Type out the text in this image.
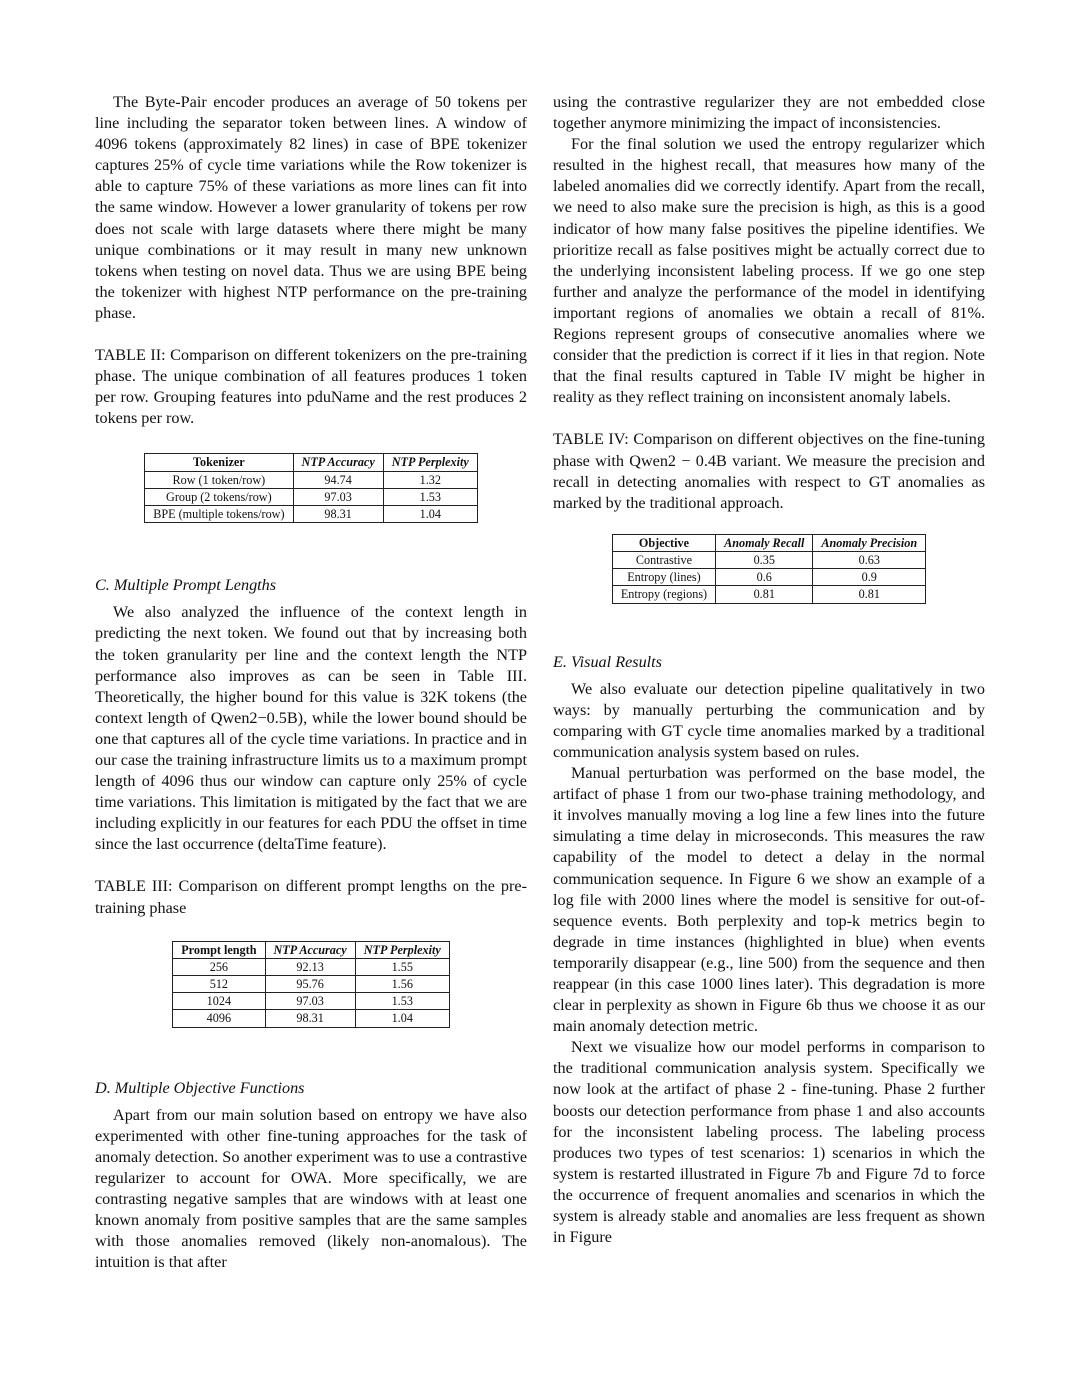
The Byte-Pair encoder produces an average of 50 tokens per line including the separator token between lines. A window of 4096 tokens (approximately 82 lines) in case of BPE tokenizer captures 25% of cycle time variations while the Row tokenizer is able to capture 75% of these variations as more lines can fit into the same window. However a lower granularity of tokens per row does not scale with large datasets where there might be many unique combinations or it may result in many new unknown tokens when testing on novel data. Thus we are using BPE being the tokenizer with highest NTP performance on the pre-training phase.

TABLE II: Comparison on different tokenizers on the pre-training phase. The unique combination of all features produces 1 token per row. Grouping features into pduName and the rest produces 2 tokens per row.

Tokenizer	NTP Accuracy	NTP Perplexity
Row (1 token/row)	94.74	1.32
Group (2 tokens/row)	97.03	1.53
BPE (multiple tokens/row)	98.31	1.04

C. Multiple Prompt Lengths

We also analyzed the influence of the context length in predicting the next token. We found out that by increasing both the token granularity per line and the context length the NTP performance also improves as can be seen in Table III. Theoretically, the higher bound for this value is 32K tokens (the context length of Qwen2−0.5B), while the lower bound should be one that captures all of the cycle time variations. In practice and in our case the training infrastructure limits us to a maximum prompt length of 4096 thus our window can capture only 25% of cycle time variations. This limitation is mitigated by the fact that we are including explicitly in our features for each PDU the offset in time since the last occurrence (deltaTime feature).

TABLE III: Comparison on different prompt lengths on the pre-training phase

Prompt length	NTP Accuracy	NTP Perplexity
256	92.13	1.55
512	95.76	1.56
1024	97.03	1.53
4096	98.31	1.04

D. Multiple Objective Functions

Apart from our main solution based on entropy we have also experimented with other fine-tuning approaches for the task of anomaly detection. So another experiment was to use a contrastive regularizer to account for OWA. More specifically, we are contrasting negative samples that are windows with at least one known anomaly from positive samples that are the same samples with those anomalies removed (likely non-anomalous). The intuition is that after

using the contrastive regularizer they are not embedded close together anymore minimizing the impact of inconsistencies.

For the final solution we used the entropy regularizer which resulted in the highest recall, that measures how many of the labeled anomalies did we correctly identify. Apart from the recall, we need to also make sure the precision is high, as this is a good indicator of how many false positives the pipeline identifies. We prioritize recall as false positives might be actually correct due to the underlying inconsistent labeling process. If we go one step further and analyze the performance of the model in identifying important regions of anomalies we obtain a recall of 81%. Regions represent groups of consecutive anomalies where we consider that the prediction is correct if it lies in that region. Note that the final results captured in Table IV might be higher in reality as they reflect training on inconsistent anomaly labels.

TABLE IV: Comparison on different objectives on the fine-tuning phase with Qwen2 − 0.4B variant. We measure the precision and recall in detecting anomalies with respect to GT anomalies as marked by the traditional approach.

Objective	Anomaly Recall	Anomaly Precision
Contrastive	0.35	0.63
Entropy (lines)	0.6	0.9
Entropy (regions)	0.81	0.81

E. Visual Results

We also evaluate our detection pipeline qualitatively in two ways: by manually perturbing the communication and by comparing with GT cycle time anomalies marked by a traditional communication analysis system based on rules.

Manual perturbation was performed on the base model, the artifact of phase 1 from our two-phase training methodology, and it involves manually moving a log line a few lines into the future simulating a time delay in microseconds. This measures the raw capability of the model to detect a delay in the normal communication sequence. In Figure 6 we show an example of a log file with 2000 lines where the model is sensitive for out-of-sequence events. Both perplexity and top-k metrics begin to degrade in time instances (highlighted in blue) when events temporarily disappear (e.g., line 500) from the sequence and then reappear (in this case 1000 lines later). This degradation is more clear in perplexity as shown in Figure 6b thus we choose it as our main anomaly detection metric.

Next we visualize how our model performs in comparison to the traditional communication analysis system. Specifically we now look at the artifact of phase 2 - fine-tuning. Phase 2 further boosts our detection performance from phase 1 and also accounts for the inconsistent labeling process. The labeling process produces two types of test scenarios: 1) scenarios in which the system is restarted illustrated in Figure 7b and Figure 7d to force the occurrence of frequent anomalies and scenarios in which the system is already stable and anomalies are less frequent as shown in Figure
